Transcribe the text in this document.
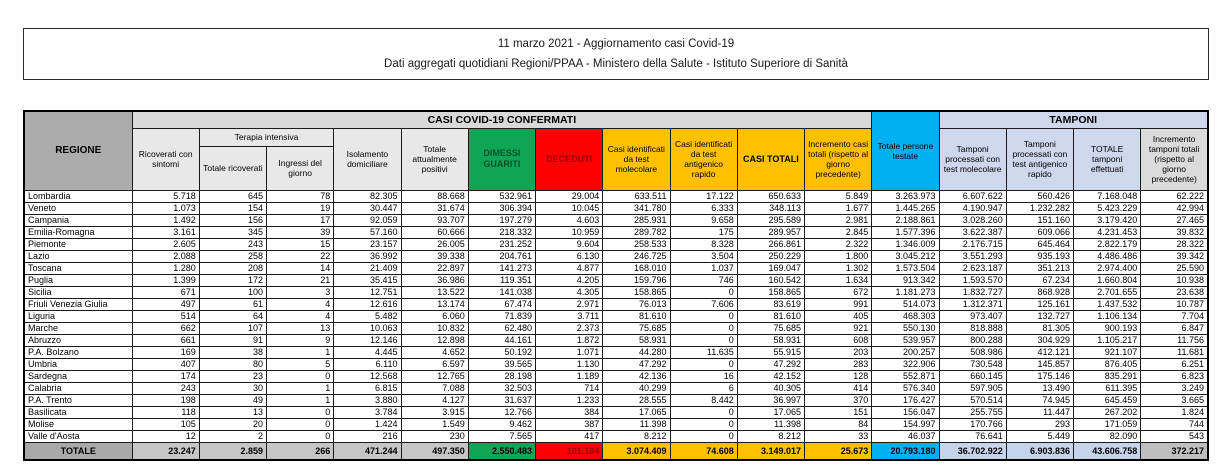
11 marzo 2021 - Aggiornamento casi Covid-19
Dati aggregati quotidiani Regioni/PPAA - Ministero della Salute - Istituto Superiore di Sanità
REGIONE	CASI COVID-19 CONFERMATI											Totale persone testate	TAMPONI			
	Ricoverati con sintomi	Terapia intensiva		Isolamento domiciliare	Totale attualmente positivi	DIMESSI GUARITI	DECEDUTI	Casi identificati da test molecolare	Casi identificati da test antigenico rapido	CASI TOTALI	Incremento casi totali (rispetto al giorno precedente)		Tamponi processati con test molecolare	Tamponi processati con test antigenico rapido	TOTALE tamponi effettuati	Incremento tamponi totali (rispetto al giorno precedente)
		Totale ricoverati	Ingressi del giorno													
Lombardia	5.718	645	78	82.305	88.668	532.961	29.004	633.511	17.122	650.633	5.849	3.263.973	6.607.622	560.426	7.168.048	62.222
Veneto	1.073	154	19	30.447	31.674	306.394	10.045	341.780	6.333	348.113	1.677	1.445.265	4.190.947	1.232.282	5.423.229	42.994
Campania	1.492	156	17	92.059	93.707	197.279	4.603	285.931	9.658	295.589	2.981	2.188.861	3.028.260	151.160	3.179.420	27.465
Emilia-Romagna	3.161	345	39	57.160	60.666	218.332	10.959	289.782	175	289.957	2.845	1.577.396	3.622.387	609.066	4.231.453	39.832
Piemonte	2.605	243	15	23.157	26.005	231.252	9.604	258.533	8.328	266.861	2.322	1.346.009	2.176.715	645.464	2.822.179	28.322
Lazio	2.088	258	22	36.992	39.338	204.761	6.130	246.725	3.504	250.229	1.800	3.045.212	3.551.293	935.193	4.486.486	39.342
Toscana	1.280	208	14	21.409	22.897	141.273	4.877	168.010	1.037	169.047	1.302	1.573.504	2.623.187	351.213	2.974.400	25.590
Puglia	1.399	172	21	35.415	36.986	119.351	4.205	159.796	746	160.542	1.634	913.342	1.593.570	67.234	1.660.804	10.938
Sicilia	671	100	3	12.751	13.522	141.038	4.305	158.865	0	158.865	672	1.181.273	1.832.727	868.928	2.701.655	23.638
Friuli Venezia Giulia	497	61	4	12.616	13.174	67.474	2.971	76.013	7.606	83.619	991	514.073	1.312.371	125.161	1.437.532	10.787
Liguria	514	64	4	5.482	6.060	71.839	3.711	81.610	0	81.610	405	468.303	973.407	132.727	1.106.134	7.704
Marche	662	107	13	10.063	10.832	62.480	2.373	75.685	0	75.685	921	550.130	818.888	81.305	900.193	6.847
Abruzzo	661	91	9	12.146	12.898	44.161	1.872	58.931	0	58.931	608	539.957	800.288	304.929	1.105.217	11.756
P.A. Bolzano	169	38	1	4.445	4.652	50.192	1.071	44.280	11.635	55.915	203	200.257	508.986	412.121	921.107	11.681
Umbria	407	80	5	6.110	6.597	39.565	1.130	47.292	0	47.292	283	322.906	730.548	145.857	876.405	6.251
Sardegna	174	23	0	12.568	12.765	28.198	1.189	42.136	16	42.152	128	552.871	660.145	175.146	835.291	6.823
Calabria	243	30	1	6.815	7.088	32.503	714	40.299	6	40.305	414	576.340	597.905	13.490	611.395	3.249
P.A. Trento	198	49	1	3.880	4.127	31.637	1.233	28.555	8.442	36.997	370	176.427	570.514	74.945	645.459	3.665
Basilicata	118	13	0	3.784	3.915	12.766	384	17.065	0	17.065	151	156.047	255.755	11.447	267.202	1.824
Molise	105	20	0	1.424	1.549	9.462	387	11.398	0	11.398	84	154.997	170.766	293	171.059	744
Valle d'Aosta	12	2	0	216	230	7.565	417	8.212	0	8.212	33	46.037	76.641	5.449	82.090	543
TOTALE	23.247	2.859	266	471.244	497.350	2.550.483	101.184	3.074.409	74.608	3.149.017	25.673	20.793.180	36.702.922	6.903.836	43.606.758	372.217
